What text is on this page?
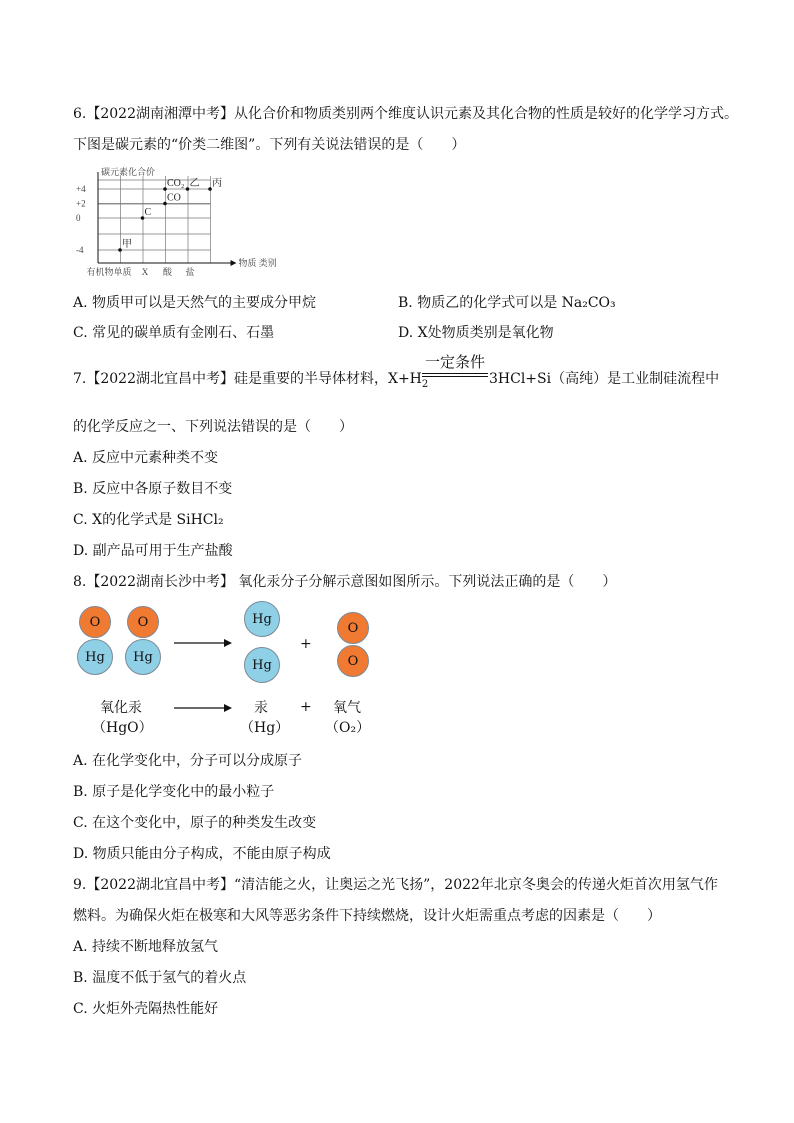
6.【2022湖南湘潭中考】从化合价和物质类别两个维度认识元素及其化合物的性质是较好的化学学习方式。
下图是碳元素的“价类二维图”。下列有关说法错误的是（　　）
碳元素化合价
物质 类别
+4
+2
0
-4
有机物 单质 X 酸 盐
甲
C
CO
CO₂ 乙 丙
A. 物质甲可以是天然气的主要成分甲烷	B. 物质乙的化学式可以是 Na₂CO₃
C. 常见的碳单质有金刚石、石墨	D. X处物质类别是氧化物
7.【2022湖北宜昌中考】硅是重要的半导体材料，$X+H_2$
一定条件
3HCl+Si（高纯）是工业制硅流程中
的化学反应之一、下列说法错误的是（　　）
A. 反应中元素种类不变
B. 反应中各原子数目不变
C. X的化学式是 SiHCl₂
D. 副产品可用于生产盐酸
8.【2022湖南长沙中考】 氧化汞分子分解示意图如图所示。下列说法正确的是（　　）
O
Hg
O
Hg
Hg
Hg
+
O
O
氧化汞
（HgO）
汞
（Hg）
+ 氧气
（O₂）
A. 在化学变化中，分子可以分成原子
B. 原子是化学变化中的最小粒子
C. 在这个变化中，原子的种类发生改变
D. 物质只能由分子构成，不能由原子构成
9.【2022湖北宜昌中考】“清洁能之火，让奥运之光飞扬”，2022年北京冬奥会的传递火炬首次用氢气作
燃料。为确保火炬在极寒和大风等恶劣条件下持续燃烧，设计火炬需重点考虑的因素是（　　）
A. 持续不断地释放氢气
B. 温度不低于氢气的着火点
C. 火炬外壳隔热性能好
